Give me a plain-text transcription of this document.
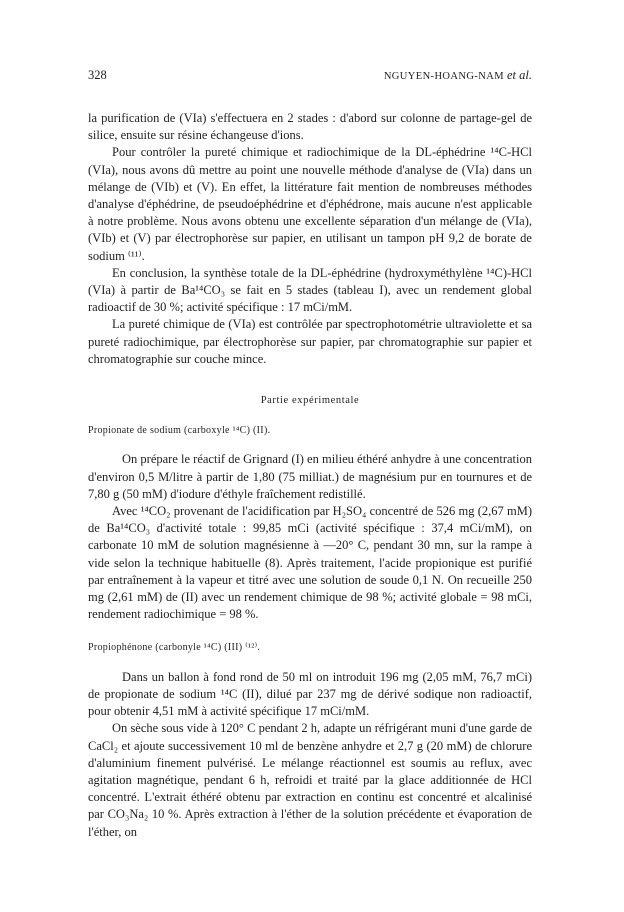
328	NGUYEN-HOANG-NAM et al.

la purification de (VIa) s'effectuera en 2 stades : d'abord sur colonne de partage-gel de silice, ensuite sur résine échangeuse d'ions.

Pour contrôler la pureté chimique et radiochimique de la DL-éphédrine ¹⁴C-HCl (VIa), nous avons dû mettre au point une nouvelle méthode d'analyse de (VIa) dans un mélange de (VIb) et (V). En effet, la littérature fait mention de nombreuses méthodes d'analyse d'éphédrine, de pseudoéphédrine et d'éphédrone, mais aucune n'est applicable à notre problème. Nous avons obtenu une excellente séparation d'un mélange de (VIa), (VIb) et (V) par électrophorèse sur papier, en utilisant un tampon pH 9,2 de borate de sodium ⁽¹¹⁾.

En conclusion, la synthèse totale de la DL-éphédrine (hydroxyméthylène ¹⁴C)-HCl (VIa) à partir de Ba¹⁴CO₃ se fait en 5 stades (tableau I), avec un rendement global radioactif de 30 %; activité spécifique : 17 mCi/mM.

La pureté chimique de (VIa) est contrôlée par spectrophotométrie ultraviolette et sa pureté radiochimique, par électrophorèse sur papier, par chromatographie sur papier et chromatographie sur couche mince.

Partie expérimentale
Propionate de sodium (carboxyle ¹⁴C) (II).

On prépare le réactif de Grignard (I) en milieu éthéré anhydre à une concentration d'environ 0,5 M/litre à partir de 1,80 (75 milliat.) de magnésium pur en tournures et de 7,80 g (50 mM) d'iodure d'éthyle fraîchement redistillé.

Avec ¹⁴CO₂ provenant de l'acidification par H₂SO₄ concentré de 526 mg (2,67 mM) de Ba¹⁴CO₃ d'activité totale : 99,85 mCi (activité spécifique : 37,4 mCi/mM), on carbonate 10 mM de solution magnésienne à —20° C, pendant 30 mn, sur la rampe à vide selon la technique habituelle (8). Après traitement, l'acide propionique est purifié par entraînement à la vapeur et titré avec une solution de soude 0,1 N. On recueille 250 mg (2,61 mM) de (II) avec un rendement chimique de 98 %; activité globale = 98 mCi, rendement radiochimique = 98 %.

Propiophénone (carbonyle ¹⁴C) (III) ⁽¹²⁾.

Dans un ballon à fond rond de 50 ml on introduit 196 mg (2,05 mM, 76,7 mCi) de propionate de sodium ¹⁴C (II), dilué par 237 mg de dérivé sodique non radioactif, pour obtenir 4,51 mM à activité spécifique 17 mCi/mM.

On sèche sous vide à 120° C pendant 2 h, adapte un réfrigérant muni d'une garde de CaCl₂ et ajoute successivement 10 ml de benzène anhydre et 2,7 g (20 mM) de chlorure d'aluminium finement pulvérisé. Le mélange réactionnel est soumis au reflux, avec agitation magnétique, pendant 6 h, refroidi et traité par la glace additionnée de HCl concentré. L'extrait éthéré obtenu par extraction en continu est concentré et alcalinisé par CO₃Na₂ 10 %. Après extraction à l'éther de la solution précédente et évaporation de l'éther, on
